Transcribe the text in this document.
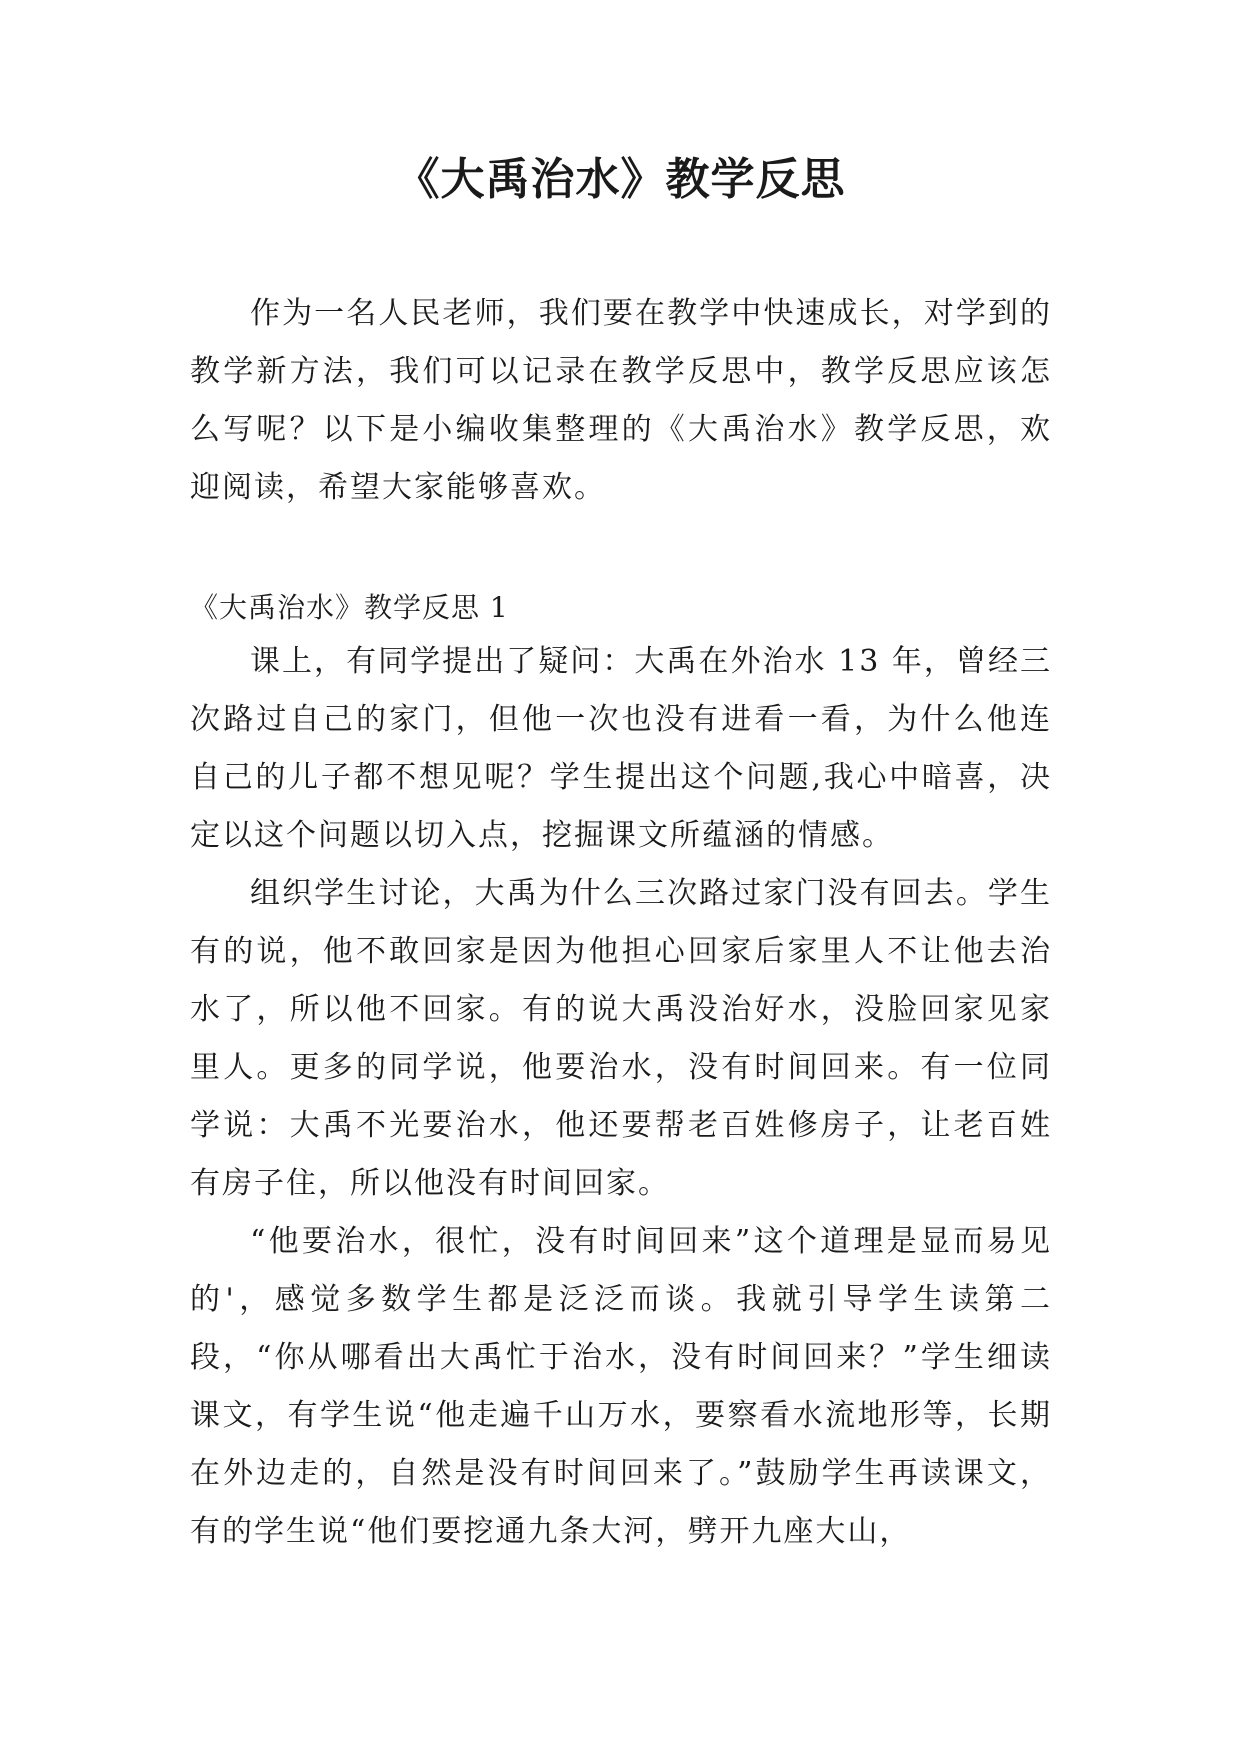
《大禹治水》教学反思

作为一名人民老师，我们要在教学中快速成长，对学到的教学新方法，我们可以记录在教学反思中，教学反思应该怎么写呢？以下是小编收集整理的《大禹治水》教学反思，欢迎阅读，希望大家能够喜欢。

《大禹治水》教学反思 1

课上，有同学提出了疑问：大禹在外治水 13 年，曾经三次路过自己的家门，但他一次也没有进看一看，为什么他连自己的儿子都不想见呢？学生提出这个问题,我心中暗喜，决定以这个问题以切入点，挖掘课文所蕴涵的情感。

组织学生讨论，大禹为什么三次路过家门没有回去。学生有的说，他不敢回家是因为他担心回家后家里人不让他去治水了，所以他不回家。有的说大禹没治好水，没脸回家见家里人。更多的同学说，他要治水，没有时间回来。有一位同学说：大禹不光要治水，他还要帮老百姓修房子，让老百姓有房子住，所以他没有时间回家。

“他要治水，很忙，没有时间回来”这个道理是显而易见的'，感觉多数学生都是泛泛而谈。我就引导学生读第二段，“你从哪看出大禹忙于治水，没有时间回来？”学生细读课文，有学生说“他走遍千山万水，要察看水流地形等，长期在外边走的，自然是没有时间回来了。”鼓励学生再读课文，有的学生说“他们要挖通九条大河，劈开九座大山，
